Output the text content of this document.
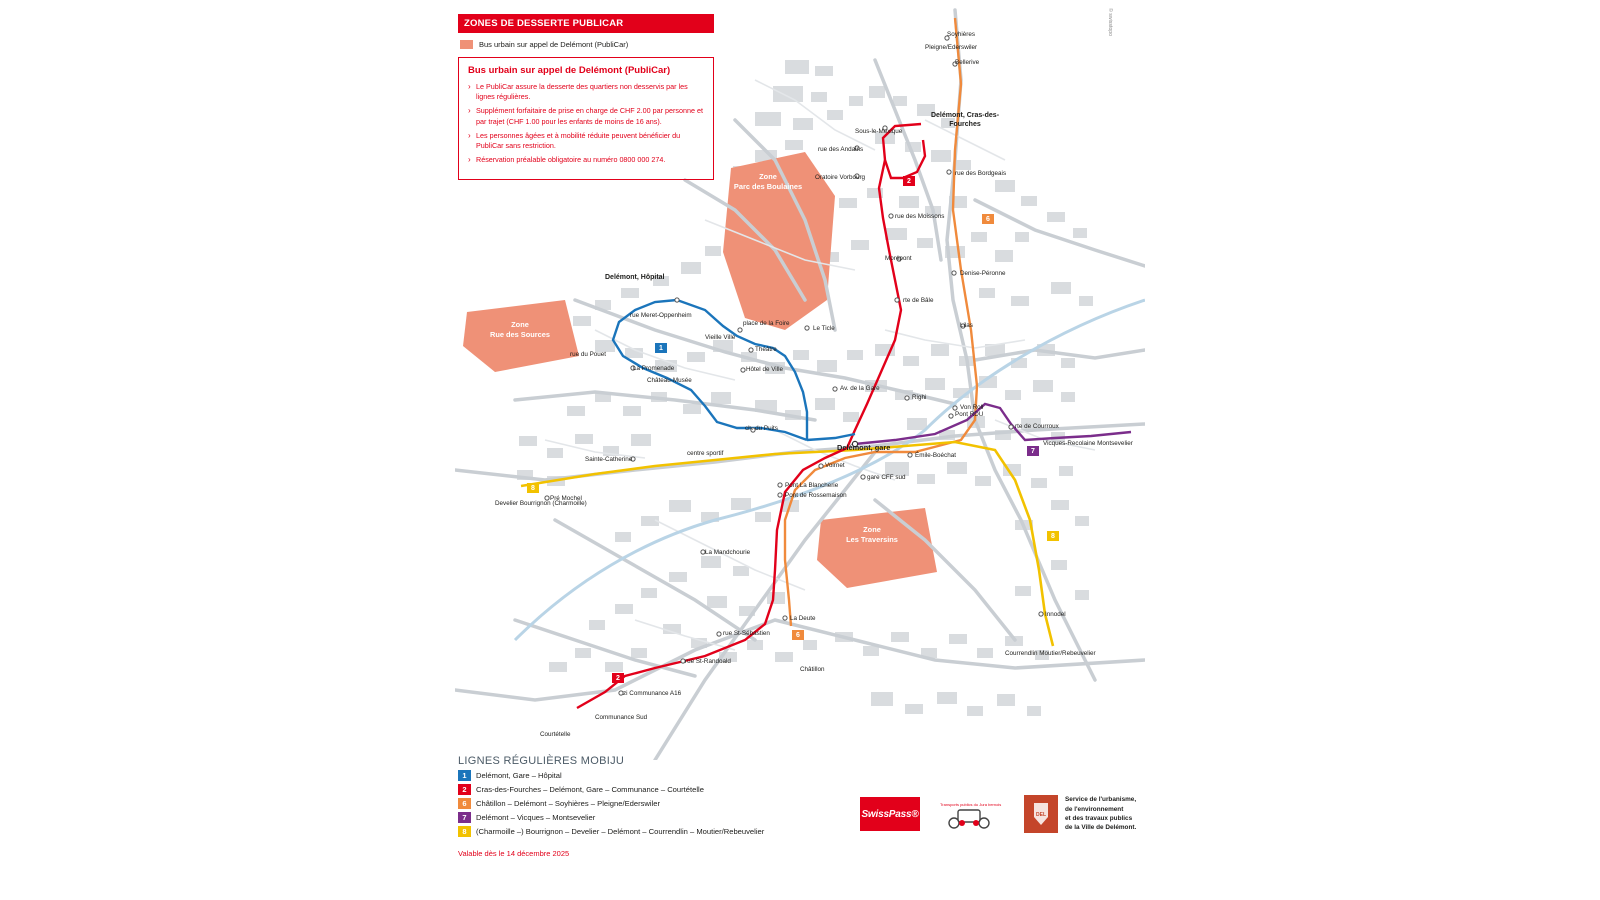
Zone
Parc des Boulaines
Zone
Rue des Sources
Zone
Les Traversins
Delémont, Cras-des-Fourches
Delémont, Hôpital
Delémont, gare
Soyhières
Pleigne/Ederswiler
Bellerive
Sous-le-Mexique
rue des Andains
Oratoire Vorbourg
rue des Bordgeais
rue des Moissons
Morépont
Denise-Péronne
rte de Bâle
Lilas
rue Meret-Oppenheim
Vieille Ville
place de la Foire
Le Ticle
Théâtre
La Promenade
Château-Musée
Hôtel de Ville
rue du Pouet
Av. de la Gare
Righi
Von Roll
Pont RDU
rte de Courroux
Vicques-Recolaine Montsevelier
ch. du Puits
Sainte-Catherine
centre sportif
Voirnet
Émile-Boéchat
gare CFF sud
Pont La Blancherie
Pont de Rossemaison
Pré Mochel
Develier Bourrignon (Charmoille)
La Mandchourie
La Deute
rue St-Sébastien
rue St-Randoald
Châtillon
zi Communance A16
Communance Sud
Courtételle
Innodel
Courrendlin Moutier/Rebeuvelier
2
6
1
7
8
8
6
2
ZONES DE DESSERTE PUBLICAR
Bus urbain sur appel de Delémont (PubliCar)
Bus urbain sur appel de Delémont (PubliCar)
› Le PubliCar assure la desserte des quartiers non desservis par les lignes régulières.
› Supplément forfaitaire de prise en charge de CHF 2.00 par personne et par trajet (CHF 1.00 pour les enfants de moins de 16 ans).
› Les personnes âgées et à mobilité réduite peuvent bénéficier du PubliCar sans restriction.
› Réservation préalable obligatoire au numéro 0800 000 274.
LIGNES RÉGULIÈRES MOBIJU
1	Delémont, Gare – Hôpital
2	Cras-des-Fourches – Delémont, Gare – Communance – Courtételle
6	Châtillon – Delémont – Soyhières – Pleigne/Ederswiler
7	Delémont – Vicques – Montsevelier
8	(Charmoille –) Bourrignon – Develier – Delémont – Courrendlin – Moutier/Rebeuvelier
Valable dès le 14 décembre 2025
SwissPass®
Transports publics du Jura bernois
DEL
Service de l'urbanisme,
de l'environnement
et des travaux publics
de la Ville de Delémont.
© swisstopo
